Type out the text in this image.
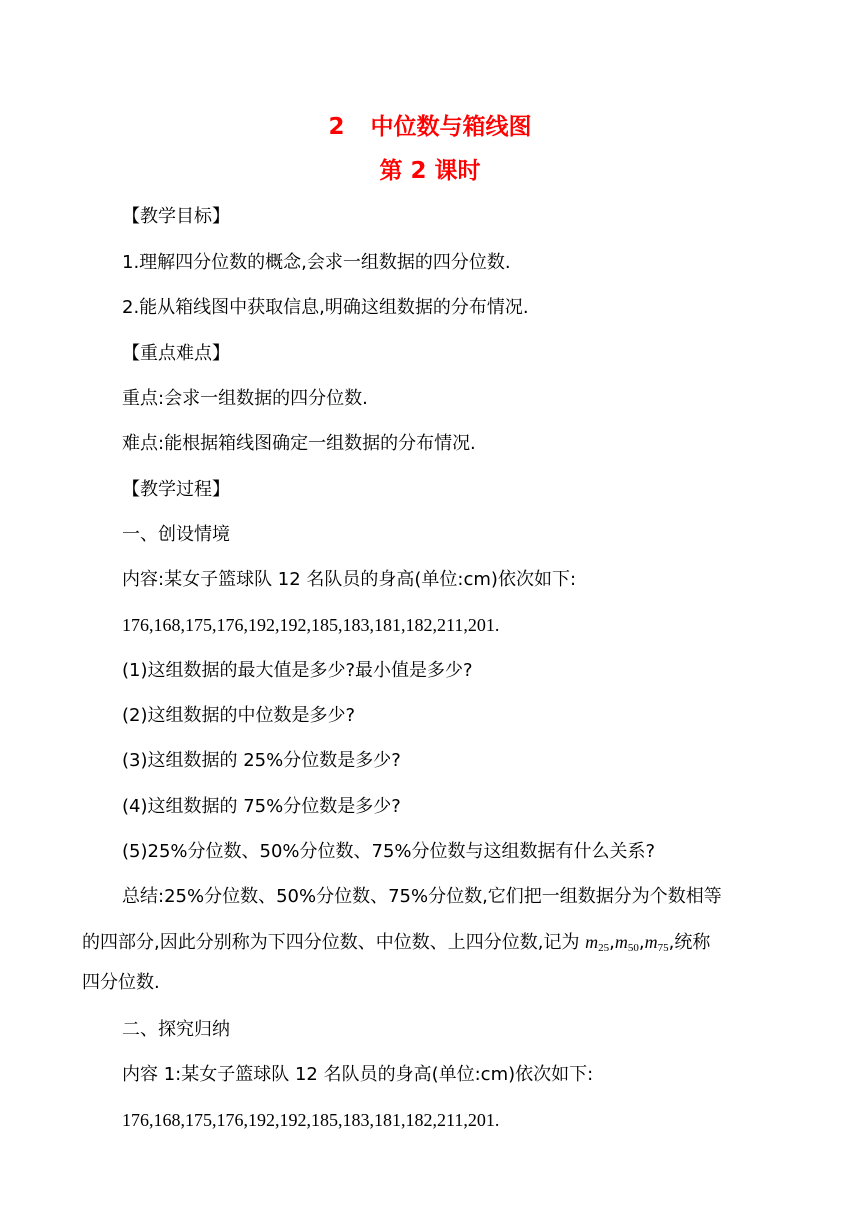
2 中位数与箱线图
第 2 课时

【教学目标】

1.理解四分位数的概念,会求一组数据的四分位数.

2.能从箱线图中获取信息,明确这组数据的分布情况.

【重点难点】

重点:会求一组数据的四分位数.

难点:能根据箱线图确定一组数据的分布情况.

【教学过程】

一、创设情境

内容:某女子篮球队 12 名队员的身高(单位:cm)依次如下:

176,168,175,176,192,192,185,183,181,182,211,201.

(1)这组数据的最大值是多少?最小值是多少?

(2)这组数据的中位数是多少?

(3)这组数据的 25%分位数是多少?

(4)这组数据的 75%分位数是多少?

(5)25%分位数、50%分位数、75%分位数与这组数据有什么关系?

总结:25%分位数、50%分位数、75%分位数,它们把一组数据分为个数相等

的四部分,因此分别称为下四分位数、中位数、上四分位数,记为 $m_{25},m_{50},m_{75}$,统称

四分位数.

二、探究归纳

内容 1:某女子篮球队 12 名队员的身高(单位:cm)依次如下:

176,168,175,176,192,192,185,183,181,182,211,201.
